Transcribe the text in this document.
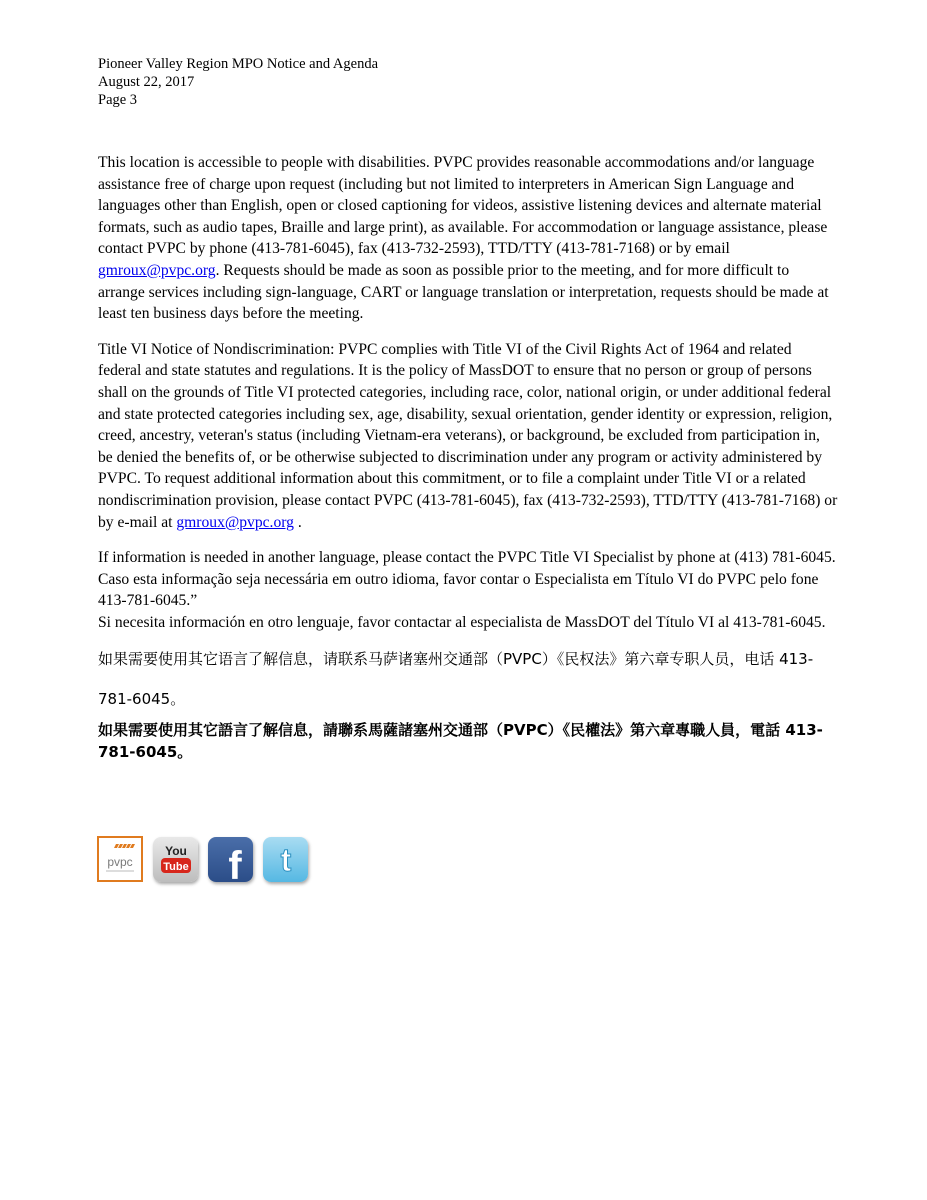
Pioneer Valley Region MPO Notice and Agenda
August 22, 2017
Page 3

This location is accessible to people with disabilities. PVPC provides reasonable accommodations and/or language assistance free of charge upon request (including but not limited to interpreters in American Sign Language and languages other than English, open or closed captioning for videos, assistive listening devices and alternate material formats, such as audio tapes, Braille and large print), as available. For accommodation or language assistance, please contact PVPC by phone (413-781-6045), fax (413-732-2593), TTD/TTY (413-781-7168) or by email gmroux@pvpc.org. Requests should be made as soon as possible prior to the meeting, and for more difficult to arrange services including sign-language, CART or language translation or interpretation, requests should be made at least ten business days before the meeting.

Title VI Notice of Nondiscrimination: PVPC complies with Title VI of the Civil Rights Act of 1964 and related federal and state statutes and regulations. It is the policy of MassDOT to ensure that no person or group of persons shall on the grounds of Title VI protected categories, including race, color, national origin, or under additional federal and state protected categories including sex, age, disability, sexual orientation, gender identity or expression, religion, creed, ancestry, veteran's status (including Vietnam-era veterans), or background, be excluded from participation in, be denied the benefits of, or be otherwise subjected to discrimination under any program or activity administered by PVPC. To request additional information about this commitment, or to file a complaint under Title VI or a related nondiscrimination provision, please contact PVPC (413-781-6045), fax (413-732-2593), TTD/TTY (413-781-7168) or by e-mail at gmroux@pvpc.org .

If information is needed in another language, please contact the PVPC Title VI Specialist by phone at (413) 781-6045.

Caso esta informação seja necessária em outro idioma, favor contar o Especialista em Título VI do PVPC pelo fone 413-781-6045.”

Si necesita información en otro lenguaje, favor contactar al especialista de MassDOT del Título VI al 413-781-6045.

如果需要使用其它语言了解信息，请联系马萨诸塞州交通部（PVPC）《民权法》第六章专职人员，电话 413-781-6045。

如果需要使用其它語言了解信息，請聯系馬薩諸塞州交通部（PVPC）《民權法》第六章專職人員，電話 413-781-6045。

pvpc
You
Tube f t
